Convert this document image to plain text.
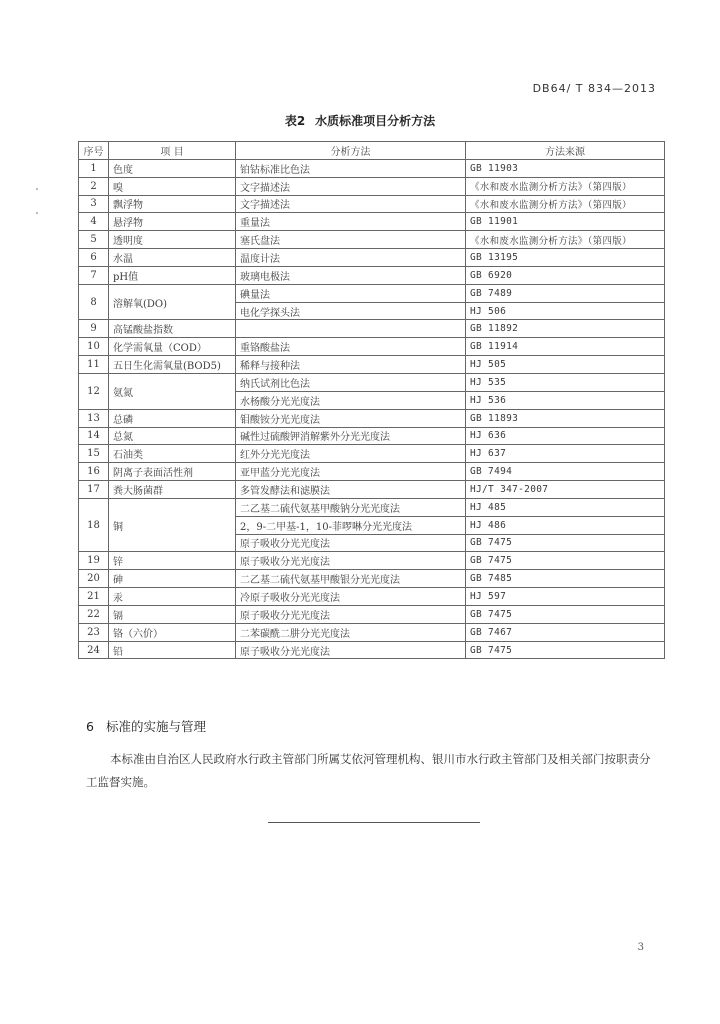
DB64/ T 834—2013
表2 水质标准项目分析方法
序号	项 目	分析方法	方法来源
1	色度	铂钴标准比色法	GB 11903
2	嗅	文字描述法	《水和废水监测分析方法》（第四版）
3	飘浮物	文字描述法	《水和废水监测分析方法》（第四版）
4	悬浮物	重量法	GB 11901
5	透明度	塞氏盘法	《水和废水监测分析方法》（第四版）
6	水温	温度计法	GB 13195
7	pH值	玻璃电极法	GB 6920
8	溶解氧(DO)	碘量法	GB 7489
		电化学探头法	HJ 506
9	高锰酸盐指数		GB 11892
10	化学需氧量（COD）	重铬酸盐法	GB 11914
11	五日生化需氧量(BOD5)	稀释与接种法	HJ 505
12	氨氮	纳氏试剂比色法	HJ 535
		水杨酸分光光度法	HJ 536
13	总磷	钼酸铵分光光度法	GB 11893
14	总氮	碱性过硫酸钾消解紫外分光光度法	HJ 636
15	石油类	红外分光光度法	HJ 637
16	阴离子表面活性剂	亚甲蓝分光光度法	GB 7494
17	粪大肠菌群	多管发酵法和滤膜法	HJ/T 347-2007
18	铜	二乙基二硫代氨基甲酸钠分光光度法	HJ 485
		2，9-二甲基-1，10-菲啰啉分光光度法	HJ 486
		原子吸收分光光度法	GB 7475
19	锌	原子吸收分光光度法	GB 7475
20	砷	二乙基二硫代氨基甲酸银分光光度法	GB 7485
21	汞	冷原子吸收分光光度法	HJ 597
22	镉	原子吸收分光光度法	GB 7475
23	铬（六价）	二苯碳酰二肼分光光度法	GB 7467
24	铅	原子吸收分光光度法	GB 7475
6 标准的实施与管理
本标准由自治区人民政府水行政主管部门所属艾依河管理机构、银川市水行政主管部门及相关部门按职责分工监督实施。
3
